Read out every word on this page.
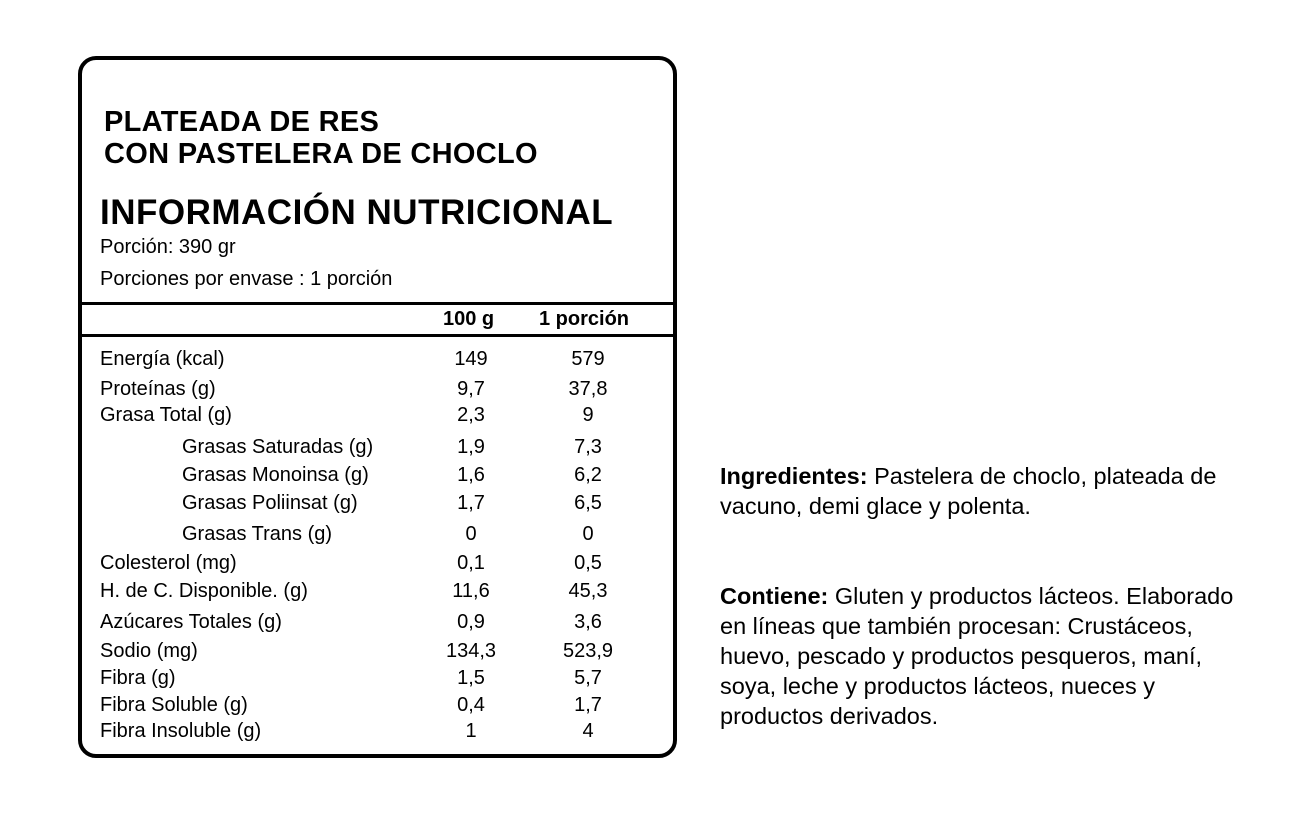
PLATEADA DE RES
CON PASTELERA DE CHOCLO
INFORMACIÓN NUTRICIONAL
Porción: 390 gr
Porciones por envase : 1 porción
100 g 1 porción
Energía (kcal)	149	579
Proteínas (g)	9,7	37,8
Grasa Total (g)	2,3	9
Grasas Saturadas (g)	1,9	7,3
Grasas Monoinsa (g)	1,6	6,2
Grasas Poliinsat (g)	1,7	6,5
Grasas Trans (g)	0	0
Colesterol (mg)	0,1	0,5
H. de C. Disponible. (g)	11,6	45,3
Azúcares Totales (g)	0,9	3,6
Sodio (mg)	134,3	523,9
Fibra (g)	1,5	5,7
Fibra Soluble (g)	0,4	1,7
Fibra Insoluble (g)	1	4
Ingredientes: Pastelera de choclo, plateada de vacuno, demi glace y polenta.
Contiene: Gluten y productos lácteos. Elaborado en líneas que también procesan: Crustáceos, huevo, pescado y productos pesqueros, maní, soya, leche y productos lácteos, nueces y productos derivados.
